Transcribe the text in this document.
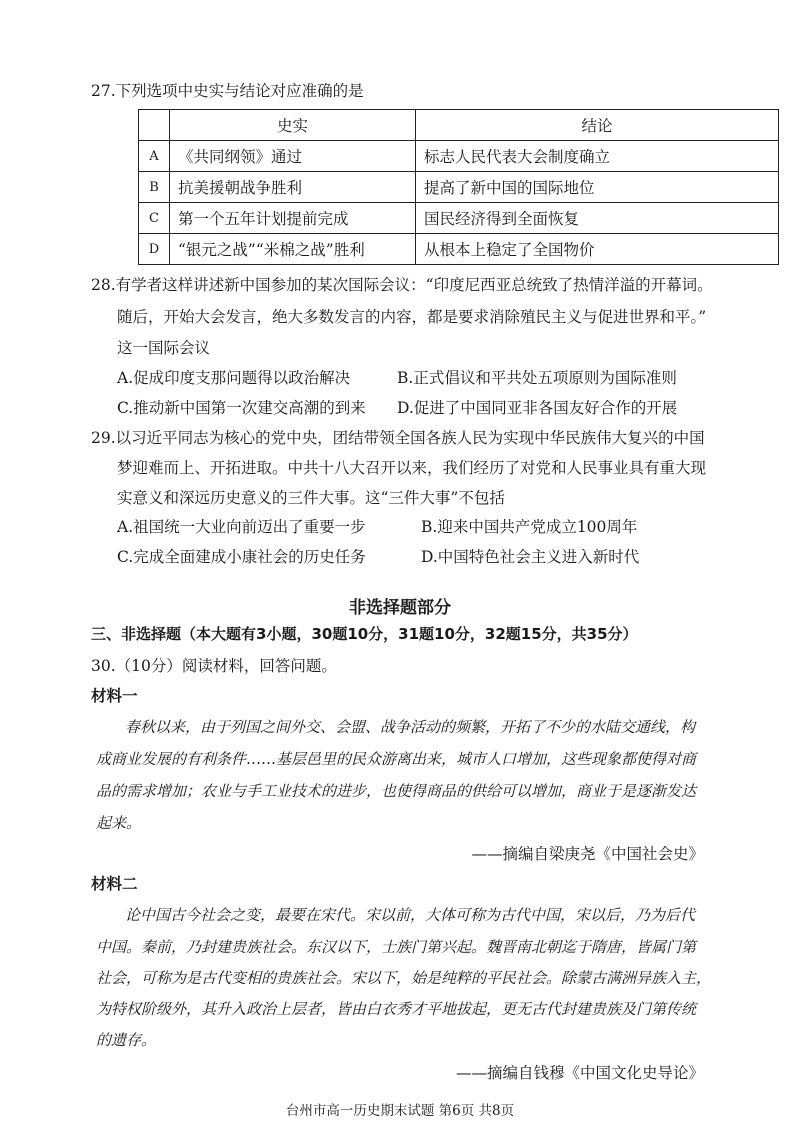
27.下列选项中史实与结论对应准确的是
	史实	结论
A	《共同纲领》通过	标志人民代表大会制度确立
B	抗美援朝战争胜利	提高了新中国的国际地位
C	第一个五年计划提前完成	国民经济得到全面恢复
D	“银元之战”“米棉之战”胜利	从根本上稳定了全国物价
28.有学者这样讲述新中国参加的某次国际会议：“印度尼西亚总统致了热情洋溢的开幕词。
随后，开始大会发言，绝大多数发言的内容，都是要求消除殖民主义与促进世界和平。”
这一国际会议
A.促成印度支那问题得以政治解决	B.正式倡议和平共处五项原则为国际准则
C.推动新中国第一次建交高潮的到来 D.促进了中国同亚非各国友好合作的开展
29.以习近平同志为核心的党中央，团结带领全国各族人民为实现中华民族伟大复兴的中国
梦迎难而上、开拓进取。中共十八大召开以来，我们经历了对党和人民事业具有重大现
实意义和深远历史意义的三件大事。这“三件大事”不包括
A.祖国统一大业向前迈出了重要一步	B.迎来中国共产党成立100周年
C.完成全面建成小康社会的历史任务	D.中国特色社会主义进入新时代
非选择题部分
三、非选择题（本大题有3小题，30题10分，31题10分，32题15分，共35分）
30.（10分）阅读材料，回答问题。
材料一
春秋以来，由于列国之间外交、会盟、战争活动的频繁，开拓了不少的水陆交通线，构
成商业发展的有利条件……基层邑里的民众游离出来，城市人口增加，这些现象都使得对商
品的需求增加；农业与手工业技术的进步，也使得商品的供给可以增加，商业于是逐渐发达
起来。
——摘编自梁庚尧《中国社会史》
材料二
论中国古今社会之变，最要在宋代。宋以前，大体可称为古代中国，宋以后，乃为后代
中国。秦前，乃封建贵族社会。东汉以下，士族门第兴起。魏晋南北朝迄于隋唐，皆属门第
社会，可称为是古代变相的贵族社会。宋以下，始是纯粹的平民社会。除蒙古满洲异族入主，
为特权阶级外，其升入政治上层者，皆由白衣秀才平地拔起，更无古代封建贵族及门第传统
的遗存。
——摘编自钱穆《中国文化史导论》
台州市高一历史期末试题 第6页 共8页
